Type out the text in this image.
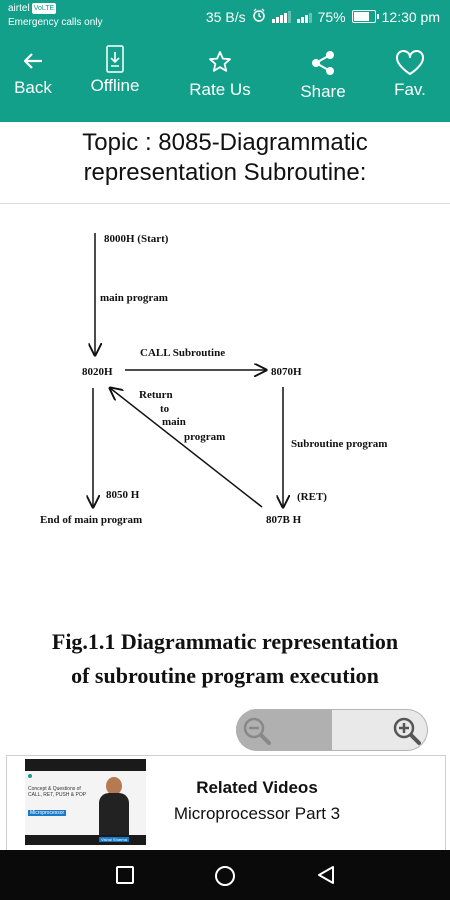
airtel VoLTE
Emergency calls only	35 B/s	75%	12:30 pm
Back Offline	Rate Us	Share	Fav.
Topic : 8085-Diagrammatic
representation Subroutine:
8000H (Start)
main program
CALL Subroutine
8020H	8070H
Return
to
main
program
Subroutine program
8050 H	(RET)
End of main program	807B H
Fig.1.1 Diagrammatic representation
of subroutine program execution
Concept & Questions of CALL, RET, PUSH & POP
Microprocessor
Vishal Sharma
Related Videos
Microprocessor Part 3
